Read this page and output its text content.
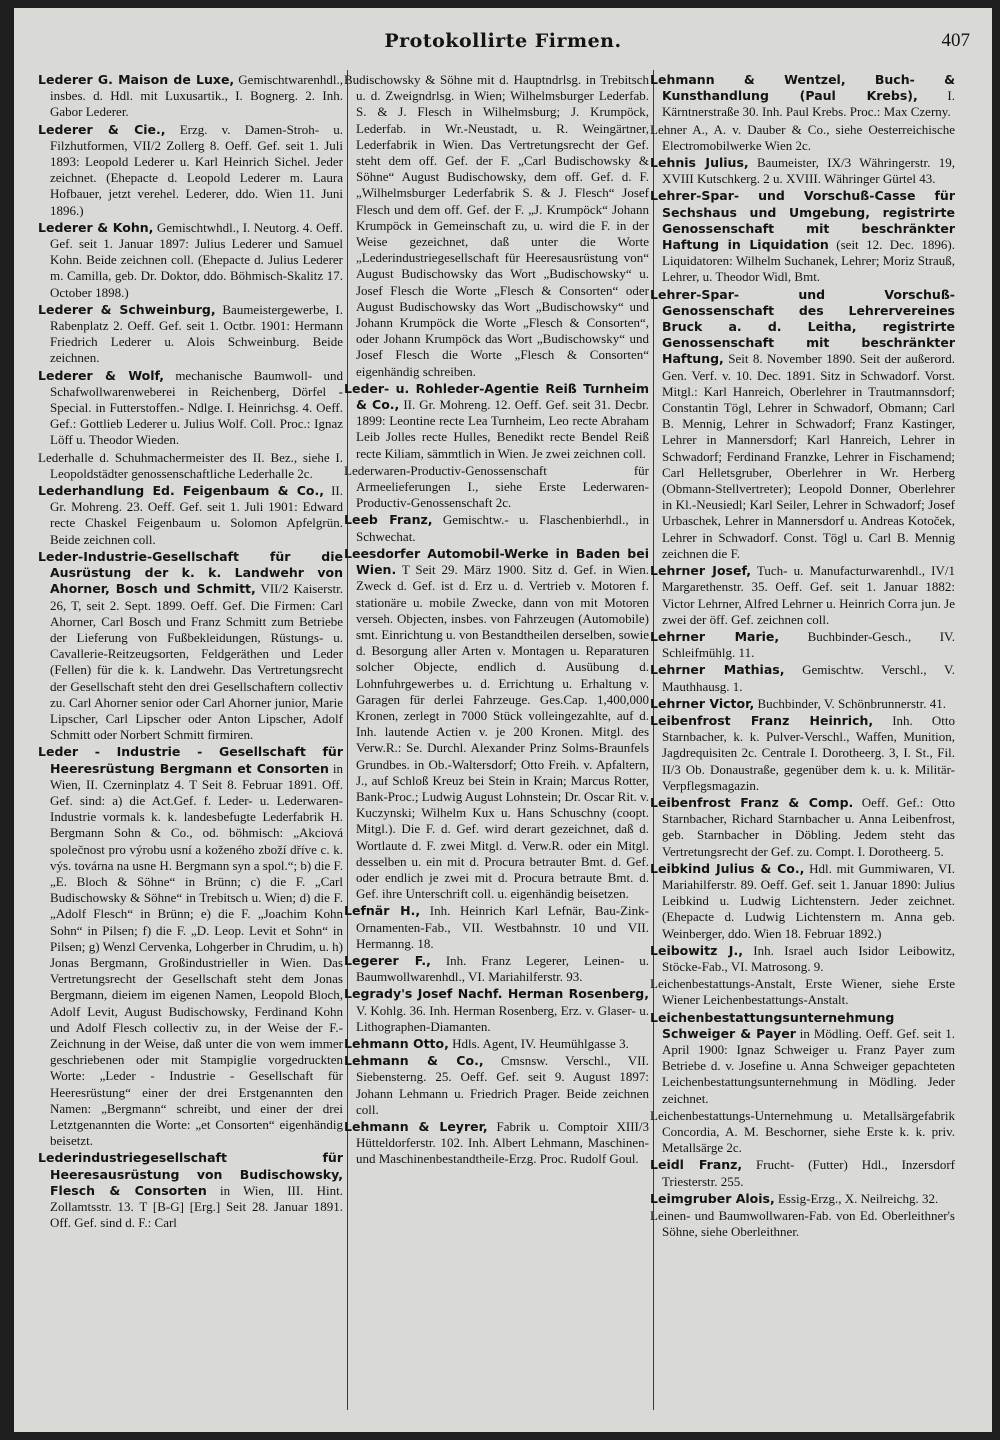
Protokollirte Firmen.	407

Lederer G. Maison de Luxe, Gemischtwarenhdl., insbes. d. Hdl. mit Luxusartik., I. Bognerg. 2. Inh. Gabor Lederer.

Lederer & Cie., Erzg. v. Damen-Stroh- u. Filzhutformen, VII/2 Zollerg 8. Oeff. Gef. seit 1. Juli 1893: Leopold Lederer u. Karl Heinrich Sichel. Jeder zeichnet. (Ehepacte d. Leopold Lederer m. Laura Hofbauer, jetzt verehel. Lederer, ddo. Wien 11. Juni 1896.)

Lederer & Kohn, Gemischtwhdl., I. Neutorg. 4. Oeff. Gef. seit 1. Januar 1897: Julius Lederer und Samuel Kohn. Beide zeichnen coll. (Ehepacte d. Julius Lederer m. Camilla, geb. Dr. Doktor, ddo. Böhmisch-Skalitz 17. October 1898.)

Lederer & Schweinburg, Baumeistergewerbe, I. Rabenplatz 2. Oeff. Gef. seit 1. Octbr. 1901: Hermann Friedrich Lederer u. Alois Schweinburg. Beide zeichnen.

Lederer & Wolf, mechanische Baumwoll- und Schafwollwarenweberei in Reichenberg, Dörfel - Special. in Futterstoffen.- Ndlge. I. Heinrichsg. 4. Oeff. Gef.: Gottlieb Lederer u. Julius Wolf. Coll. Proc.: Ignaz Löff u. Theodor Wieden.

Lederhalle d. Schuhmachermeister des II. Bez., siehe I. Leopoldstädter genossenschaftliche Lederhalle 2c.

Lederhandlung Ed. Feigenbaum & Co., II. Gr. Mohreng. 23. Oeff. Gef. seit 1. Juli 1901: Edward recte Chaskel Feigenbaum u. Solomon Apfelgrün. Beide zeichnen coll.

Leder-Industrie-Gesellschaft für die Ausrüstung der k. k. Landwehr von Ahorner, Bosch und Schmitt, VII/2 Kaiserstr. 26, T, seit 2. Sept. 1899. Oeff. Gef. Die Firmen: Carl Ahorner, Carl Bosch und Franz Schmitt zum Betriebe der Lieferung von Fußbekleidungen, Rüstungs- u. Cavallerie-Reitzeugsorten, Feldgeräthen und Leder (Fellen) für die k. k. Landwehr. Das Vertretungsrecht der Gesellschaft steht den drei Gesellschaftern collectiv zu. Carl Ahorner senior oder Carl Ahorner junior, Marie Lipscher, Carl Lipscher oder Anton Lipscher, Adolf Schmitt oder Norbert Schmitt firmiren.

Leder - Industrie - Gesellschaft für Heeresrüstung Bergmann et Consorten in Wien, II. Czerninplatz 4. T Seit 8. Februar 1891. Off. Gef. sind: a) die Act.Gef. f. Leder- u. Lederwaren-Industrie vormals k. k. landesbefugte Lederfabrik H. Bergmann Sohn & Co., od. böhmisch: „Akciová společnost pro výrobu usní a koženého zboží dříve c. k. výs. továrna na usne H. Bergmann syn a spol.“; b) die F. „E. Bloch & Söhne“ in Brünn; c) die F. „Carl Budischowsky & Söhne“ in Trebitsch u. Wien; d) die F. „Adolf Flesch“ in Brünn; e) die F. „Joachim Kohn Sohn“ in Pilsen; f) die F. „D. Leop. Levit et Sohn“ in Pilsen; g) Wenzl Cervenka, Lohgerber in Chrudim, u. h) Jonas Bergmann, Großindustrieller in Wien. Das Vertretungsrecht der Gesellschaft steht dem Jonas Bergmann, dieiem im eigenen Namen, Leopold Bloch, Adolf Levit, August Budischowsky, Ferdinand Kohn und Adolf Flesch collectiv zu, in der Weise der F.-Zeichnung in der Weise, daß unter die von wem immer geschriebenen oder mit Stampiglie vorgedruckten Worte: „Leder - Industrie - Gesellschaft für Heeresrüstung“ einer der drei Erstgenannten den Namen: „Bergmann“ schreibt, und einer der drei Letztgenannten die Worte: „et Consorten“ eigenhändig beisetzt.

Lederindustriegesellschaft für Heeresausrüstung von Budischowsky, Flesch & Consorten in Wien, III. Hint. Zollamtsstr. 13. T [B-G] [Erg.] Seit 28. Januar 1891. Off. Gef. sind d. F.: Carl

Budischowsky & Söhne mit d. Hauptndrlsg. in Trebitsch u. d. Zweigndrlsg. in Wien; Wilhelmsburger Lederfab. S. & J. Flesch in Wilhelmsburg; J. Krumpöck, Lederfab. in Wr.-Neustadt, u. R. Weingärtner, Lederfabrik in Wien. Das Vertretungsrecht der Gef. steht dem off. Gef. der F. „Carl Budischowsky & Söhne“ August Budischowsky, dem off. Gef. d. F. „Wilhelmsburger Lederfabrik S. & J. Flesch“ Josef Flesch und dem off. Gef. der F. „J. Krumpöck“ Johann Krumpöck in Gemeinschaft zu, u. wird die F. in der Weise gezeichnet, daß unter die Worte „Lederindustriegesellschaft für Heeresausrüstung von“ August Budischowsky das Wort „Budischowsky“ u. Josef Flesch die Worte „Flesch & Consorten“ oder August Budischowsky das Wort „Budischowsky“ und Johann Krumpöck die Worte „Flesch & Consorten“, oder Johann Krumpöck das Wort „Budischowsky“ und Josef Flesch die Worte „Flesch & Consorten“ eigenhändig schreiben.

Leder- u. Rohleder-Agentie Reiß Turnheim & Co., II. Gr. Mohreng. 12. Oeff. Gef. seit 31. Decbr. 1899: Leontine recte Lea Turnheim, Leo recte Abraham Leib Jolles recte Hulles, Benedikt recte Bendel Reiß recte Kiliam, sämmtlich in Wien. Je zwei zeichnen coll.

Lederwaren-Productiv-Genossenschaft für Armeelieferungen I., siehe Erste Lederwaren-Productiv-Genossenschaft 2c.

Leeb Franz, Gemischtw.- u. Flaschenbierhdl., in Schwechat.

Leesdorfer Automobil-Werke in Baden bei Wien. T Seit 29. März 1900. Sitz d. Gef. in Wien. Zweck d. Gef. ist d. Erz u. d. Vertrieb v. Motoren f. stationäre u. mobile Zwecke, dann von mit Motoren verseh. Objecten, insbes. von Fahrzeugen (Automobile) smt. Einrichtung u. von Bestandtheilen derselben, sowie d. Besorgung aller Arten v. Montagen u. Reparaturen solcher Objecte, endlich d. Ausübung d. Lohnfuhrgewerbes u. d. Errichtung u. Erhaltung v. Garagen für derlei Fahrzeuge. Ges.Cap. 1,400,000 Kronen, zerlegt in 7000 Stück volleingezahlte, auf d. Inh. lautende Actien v. je 200 Kronen. Mitgl. des Verw.R.: Se. Durchl. Alexander Prinz Solms-Braunfels Grundbes. in Ob.-Waltersdorf; Otto Freih. v. Apfaltern, J., auf Schloß Kreuz bei Stein in Krain; Marcus Rotter, Bank-Proc.; Ludwig August Lohnstein; Dr. Oscar Rit. v. Kuczynski; Wilhelm Kux u. Hans Schuschny (coopt. Mitgl.). Die F. d. Gef. wird derart gezeichnet, daß d. Wortlaute d. F. zwei Mitgl. d. Verw.R. oder ein Mitgl. desselben u. ein mit d. Procura betrauter Bmt. d. Gef. oder endlich je zwei mit d. Procura betraute Bmt. d. Gef. ihre Unterschrift coll. u. eigenhändig beisetzen.

Lefnär H., Inh. Heinrich Karl Lefnär, Bau-Zink-Ornamenten-Fab., VII. Westbahnstr. 10 und VII. Hermanng. 18.

Legerer F., Inh. Franz Legerer, Leinen- u. Baumwollwarenhdl., VI. Mariahilferstr. 93.

Legrady's Josef Nachf. Herman Rosenberg, V. Kohlg. 36. Inh. Herman Rosenberg, Erz. v. Glaser- u. Lithographen-Diamanten.

Lehmann Otto, Hdls. Agent, IV. Heumühlgasse 3.

Lehmann & Co., Cmsnsw. Verschl., VII. Siebensterng. 25. Oeff. Gef. seit 9. August 1897: Johann Lehmann u. Friedrich Prager. Beide zeichnen coll.

Lehmann & Leyrer, Fabrik u. Comptoir XIII/3 Hütteldorferstr. 102. Inh. Albert Lehmann, Maschinen- und Maschinenbestandtheile-Erzg. Proc. Rudolf Goul.

Lehmann & Wentzel, Buch- & Kunsthandlung (Paul Krebs), I. Kärntnerstraße 30. Inh. Paul Krebs. Proc.: Max Czerny.

Lehner A., A. v. Dauber & Co., siehe Oesterreichische Electromobilwerke Wien 2c.

Lehnis Julius, Baumeister, IX/3 Währingerstr. 19, XVIII Kutschkerg. 2 u. XVIII. Währinger Gürtel 43.

Lehrer-Spar- und Vorschuß-Casse für Sechshaus und Umgebung, registrirte Genossenschaft mit beschränkter Haftung in Liquidation (seit 12. Dec. 1896). Liquidatoren: Wilhelm Suchanek, Lehrer; Moriz Strauß, Lehrer, u. Theodor Widl, Bmt.

Lehrer-Spar- und Vorschuß-Genossenschaft des Lehrervereines Bruck a. d. Leitha, registrirte Genossenschaft mit beschränkter Haftung, Seit 8. November 1890. Seit der außerord. Gen. Verf. v. 10. Dec. 1891. Sitz in Schwadorf. Vorst. Mitgl.: Karl Hanreich, Oberlehrer in Trautmannsdorf; Constantin Tögl, Lehrer in Schwadorf, Obmann; Carl B. Mennig, Lehrer in Schwadorf; Franz Kastinger, Lehrer in Mannersdorf; Karl Hanreich, Lehrer in Schwadorf; Ferdinand Franzke, Lehrer in Fischamend; Carl Helletsgruber, Oberlehrer in Wr. Herberg (Obmann-Stellvertreter); Leopold Donner, Oberlehrer in Kl.-Neusiedl; Karl Seiler, Lehrer in Schwadorf; Josef Urbaschek, Lehrer in Mannersdorf u. Andreas Kotoček, Lehrer in Schwadorf. Const. Tögl u. Carl B. Mennig zeichnen die F.

Lehrner Josef, Tuch- u. Manufacturwarenhdl., IV/1 Margarethenstr. 35. Oeff. Gef. seit 1. Januar 1882: Victor Lehrner, Alfred Lehrner u. Heinrich Corra jun. Je zwei der öff. Gef. zeichnen coll.

Lehrner Marie, Buchbinder-Gesch., IV. Schleifmühlg. 11.

Lehrner Mathias, Gemischtw. Verschl., V. Mauthhausg. 1.

Lehrner Victor, Buchbinder, V. Schönbrunnerstr. 41.

Leibenfrost Franz Heinrich, Inh. Otto Starnbacher, k. k. Pulver-Verschl., Waffen, Munition, Jagdrequisiten 2c. Centrale I. Dorotheerg. 3, I. St., Fil. II/3 Ob. Donaustraße, gegenüber dem k. u. k. Militär-Verpflegsmagazin.

Leibenfrost Franz & Comp. Oeff. Gef.: Otto Starnbacher, Richard Starnbacher u. Anna Leibenfrost, geb. Starnbacher in Döbling. Jedem steht das Vertretungsrecht der Gef. zu. Compt. I. Dorotheerg. 5.

Leibkind Julius & Co., Hdl. mit Gummiwaren, VI. Mariahilferstr. 89. Oeff. Gef. seit 1. Januar 1890: Julius Leibkind u. Ludwig Lichtenstern. Jeder zeichnet. (Ehepacte d. Ludwig Lichtenstern m. Anna geb. Weinberger, ddo. Wien 18. Februar 1892.)

Leibowitz J., Inh. Israel auch Isidor Leibowitz, Stöcke-Fab., VI. Matrosong. 9.

Leichenbestattungs-Anstalt, Erste Wiener, siehe Erste Wiener Leichenbestattungs-Anstalt.

Leichenbestattungsunternehmung Schweiger & Payer in Mödling. Oeff. Gef. seit 1. April 1900: Ignaz Schweiger u. Franz Payer zum Betriebe d. v. Josefine u. Anna Schweiger gepachteten Leichenbestattungsunternehmung in Mödling. Jeder zeichnet.

Leichenbestattungs-Unternehmung u. Metallsärgefabrik Concordia, A. M. Beschorner, siehe Erste k. k. priv. Metallsärge 2c.

Leidl Franz, Frucht- (Futter) Hdl., Inzersdorf Triesterstr. 255.

Leimgruber Alois, Essig-Erzg., X. Neilreichg. 32.

Leinen- und Baumwollwaren-Fab. von Ed. Oberleithner's Söhne, siehe Oberleithner.
